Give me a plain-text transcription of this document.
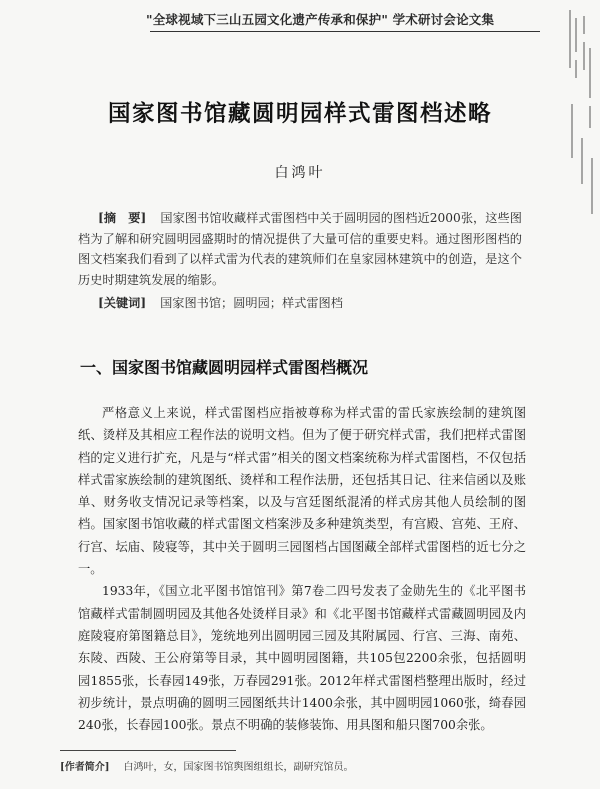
"全球视域下三山五园文化遗产传承和保护" 学术研讨会论文集
国家图书馆藏圆明园样式雷图档述略
白鸿叶

[摘　要] 国家图书馆收藏样式雷图档中关于圆明园的图档近2000张，这些图档为了解和研究圆明园盛期时的情况提供了大量可信的重要史料。通过图形图档的图文档案我们看到了以样式雷为代表的建筑师们在皇家园林建筑中的创造，是这个历史时期建筑发展的缩影。

[关键词] 国家图书馆；圆明园；样式雷图档
一、国家图书馆藏圆明园样式雷图档概况

严格意义上来说，样式雷图档应指被尊称为样式雷的雷氏家族绘制的建筑图纸、烫样及其相应工程作法的说明文档。但为了便于研究样式雷，我们把样式雷图档的定义进行扩充，凡是与“样式雷”相关的图文档案统称为样式雷图档，不仅包括样式雷家族绘制的建筑图纸、烫样和工程作法册，还包括其日记、往来信函以及账单、财务收支情况记录等档案，以及与宫廷图纸混淆的样式房其他人员绘制的图档。国家图书馆收藏的样式雷图文档案涉及多种建筑类型，有宫殿、宫苑、王府、行宫、坛庙、陵寝等，其中关于圆明三园图档占国图藏全部样式雷图档的近七分之一。

1933年，《国立北平图书馆馆刊》第7卷二四号发表了金勋先生的《北平图书馆藏样式雷制圆明园及其他各处烫样目录》和《北平图书馆藏样式雷藏圆明园及内庭陵寝府第图籍总目》，笼统地列出圆明园三园及其附属园、行宫、三海、南苑、东陵、西陵、王公府第等目录，其中圆明园图籍，共105包2200余张，包括圆明园1855张，长春园149张，万春园291张。2012年样式雷图档整理出版时，经过初步统计，景点明确的圆明三园图纸共计1400余张，其中圆明园1060张，绮春园240张，长春园100张。景点不明确的装修装饰、用具图和船只图700余张。

[作者简介] 白鸿叶，女，国家图书馆舆图组组长，副研究馆员。
